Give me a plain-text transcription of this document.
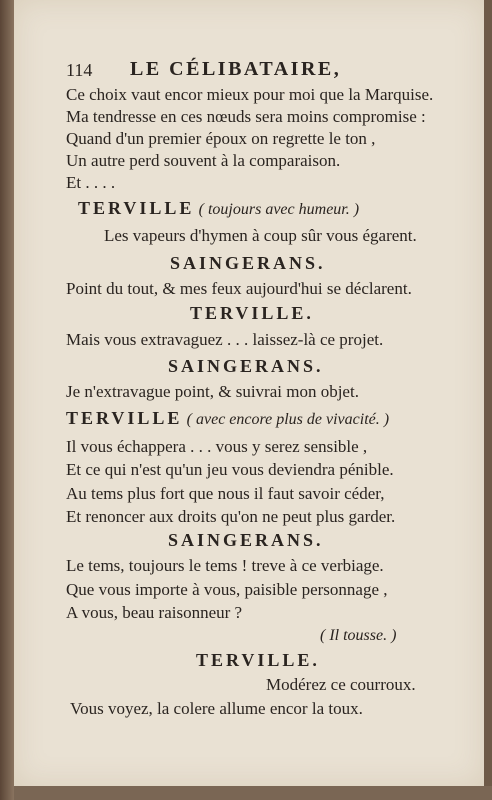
114 LE CÉLIBATAIRE,
Ce choix vaut encor mieux pour moi que la Marquise.
Ma tendresse en ces nœuds sera moins compromise :
Quand d'un premier époux on regrette le ton ,
Un autre perd souvent à la comparaison.
Et . . . .
TERVILLE ( toujours avec humeur. )
Les vapeurs d'hymen à coup sûr vous égarent.
SAINGERANS.
Point du tout, & mes feux aujourd'hui se déclarent.
TERVILLE.
Mais vous extravaguez . . . laissez-là ce projet.
SAINGERANS.
Je n'extravague point, & suivrai mon objet.
TERVILLE ( avec encore plus de vivacité. )
Il vous échappera . . . vous y serez sensible ,
Et ce qui n'est qu'un jeu vous deviendra pénible.
Au tems plus fort que nous il faut savoir céder,
Et renoncer aux droits qu'on ne peut plus garder.
SAINGERANS.
Le tems, toujours le tems ! treve à ce verbiage.
Que vous importe à vous, paisible personnage ,
A vous, beau raisonneur ?
( Il tousse. )
TERVILLE.
Modérez ce courroux.
Vous voyez, la colere allume encor la toux.
